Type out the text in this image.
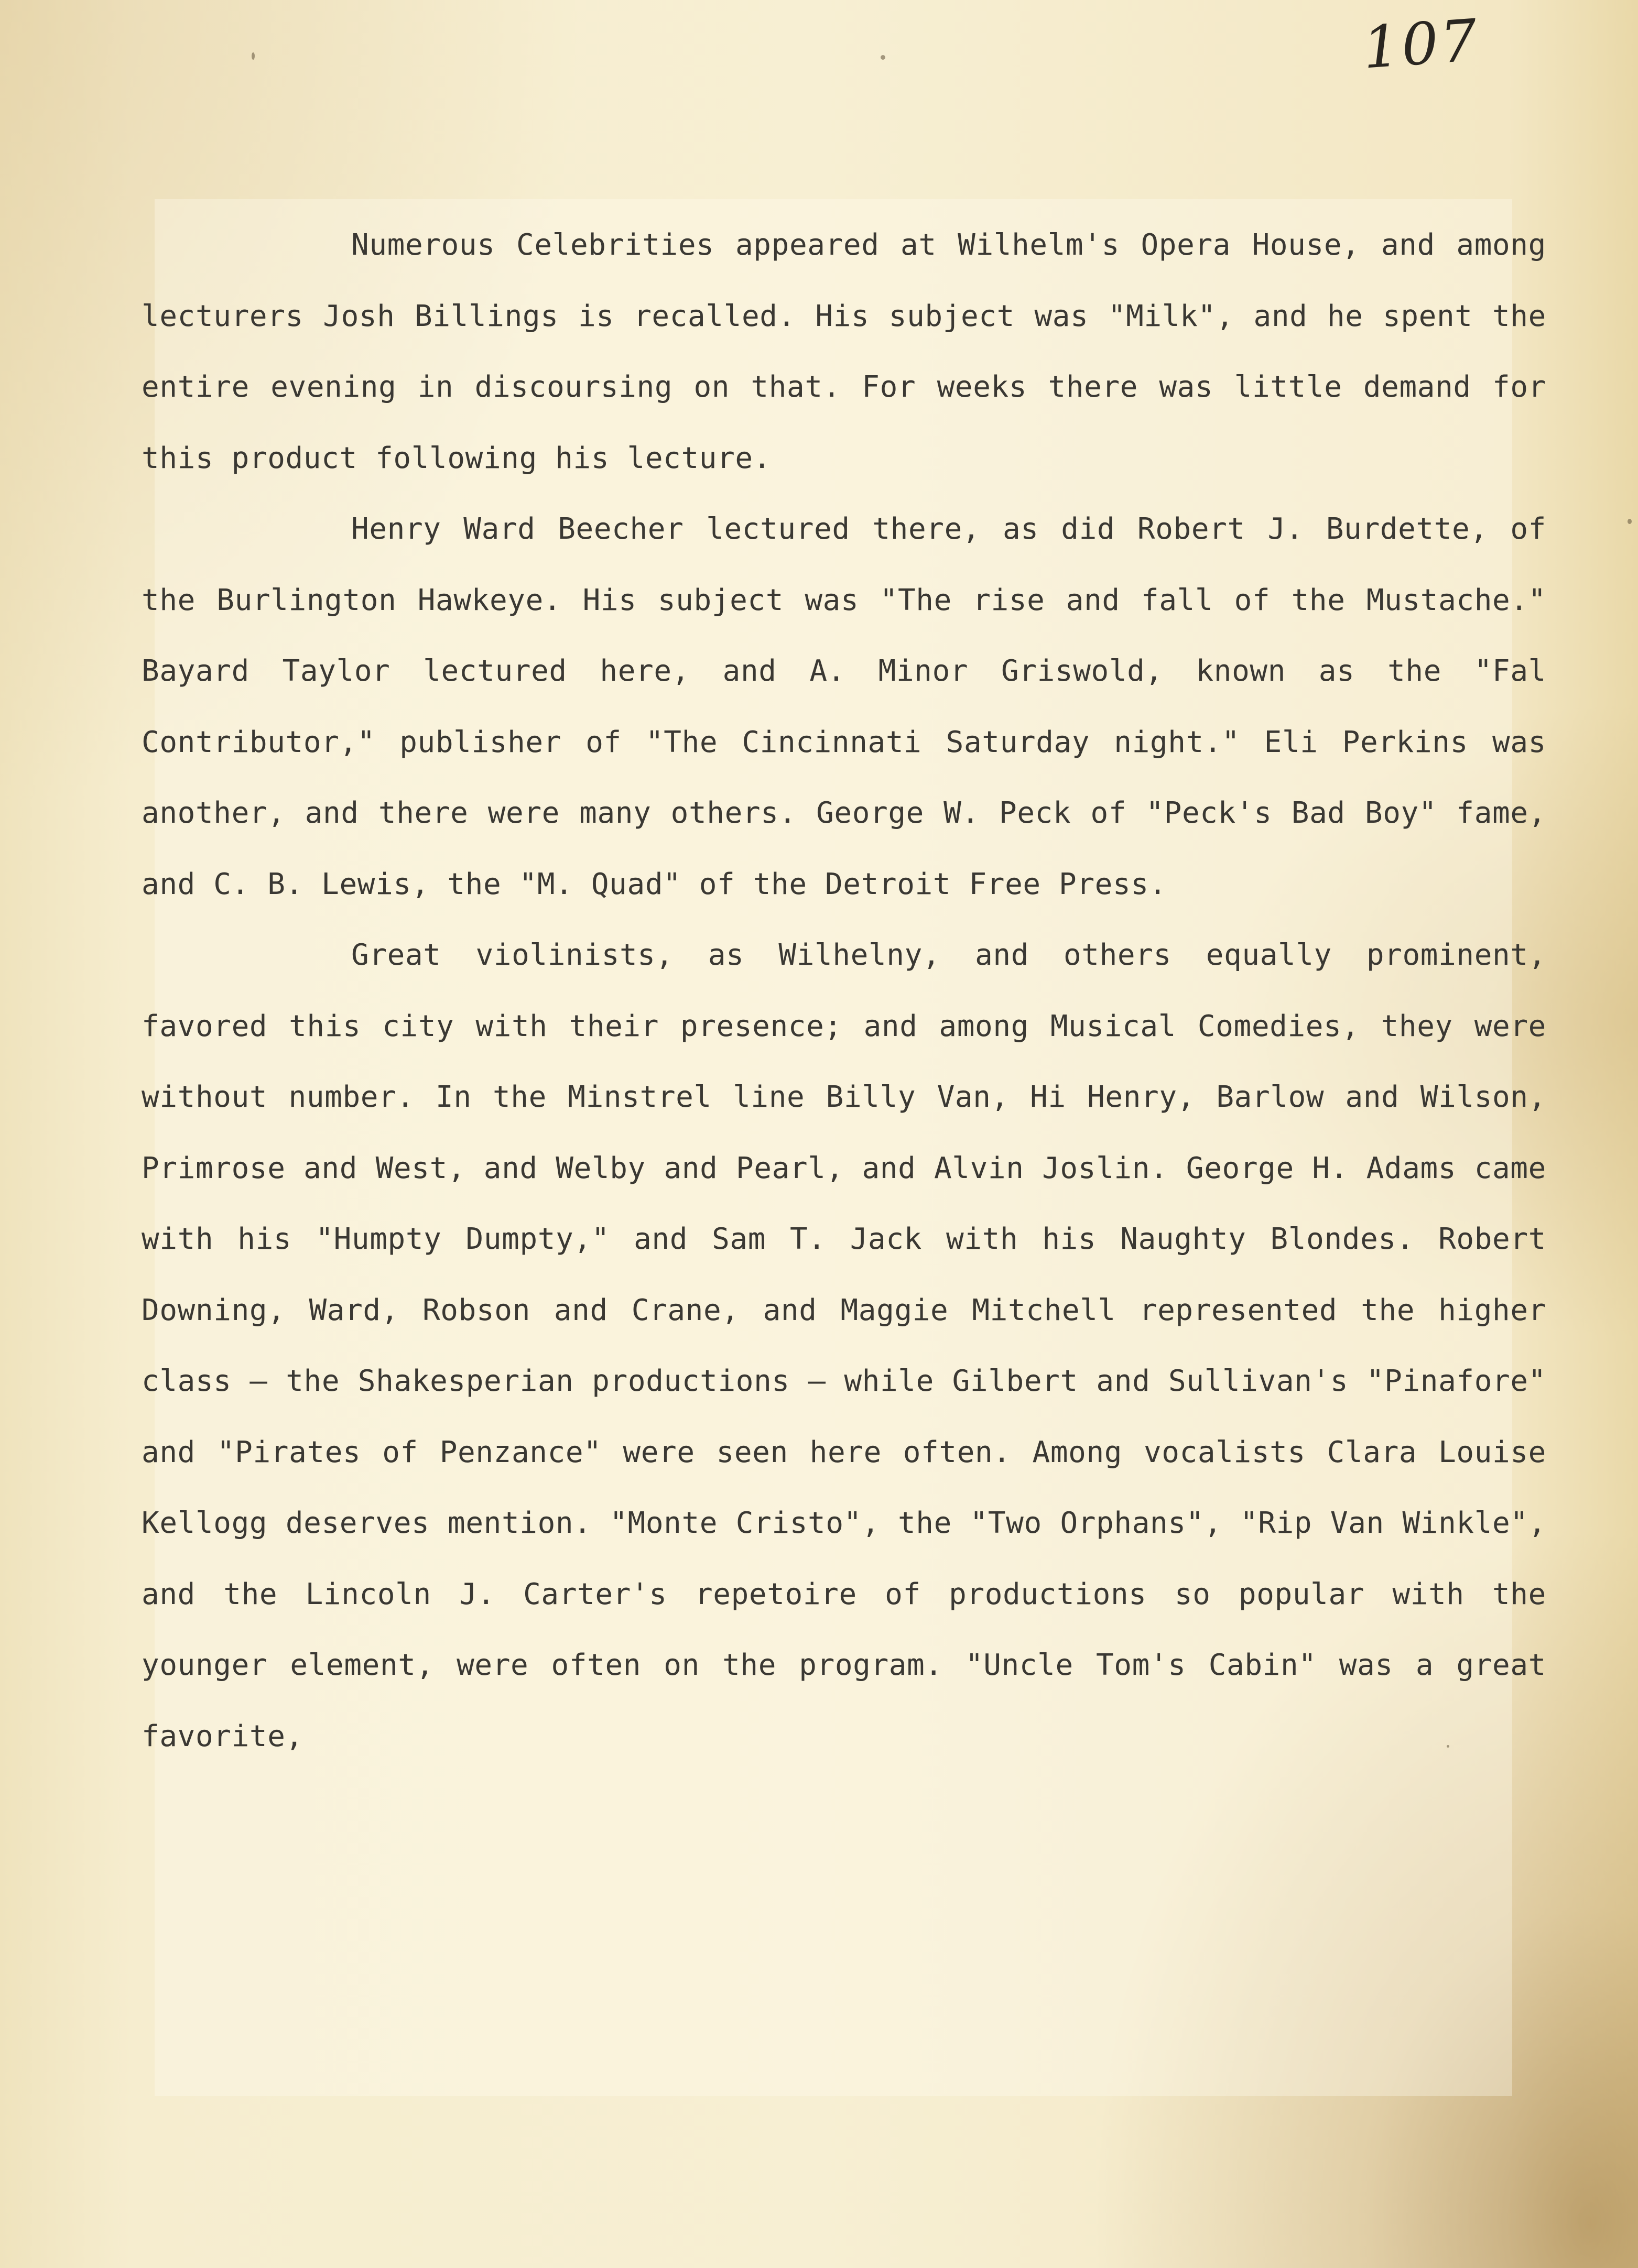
107

Numerous Celebrities appeared at Wilhelm's Opera House, and among lecturers Josh Billings is recalled. His subject was "Milk", and he spent the entire evening in discoursing on that. For weeks there was little demand for this product following his lecture.

Henry Ward Beecher lectured there, as did Robert J. Burdette, of the Burlington Hawkeye. His subject was "The rise and fall of the Mustache." Bayard Taylor lectured here, and A. Minor Griswold, known as the "Fal Contributor," publisher of "The Cincinnati Saturday night." Eli Perkins was another, and there were many others. George W. Peck of "Peck's Bad Boy" fame, and C. B. Lewis, the "M. Quad" of the Detroit Free Press.

Great violinists, as Wilhelny, and others equally prominent, favored this city with their presence; and among Musical Comedies, they were without number. In the Minstrel line Billy Van, Hi Henry, Barlow and Wilson, Primrose and West, and Welby and Pearl, and Alvin Joslin. George H. Adams came with his "Humpty Dumpty," and Sam T. Jack with his Naughty Blondes. Robert Downing, Ward, Robson and Crane, and Maggie Mitchell represented the higher class — the Shakesperian productions — while Gilbert and Sullivan's "Pinafore" and "Pirates of Penzance" were seen here often. Among vocalists Clara Louise Kellogg deserves mention. "Monte Cristo", the "Two Orphans", "Rip Van Winkle", and the Lincoln J. Carter's repetoire of productions so popular with the younger element, were often on the program. "Uncle Tom's Cabin" was a great favorite,
